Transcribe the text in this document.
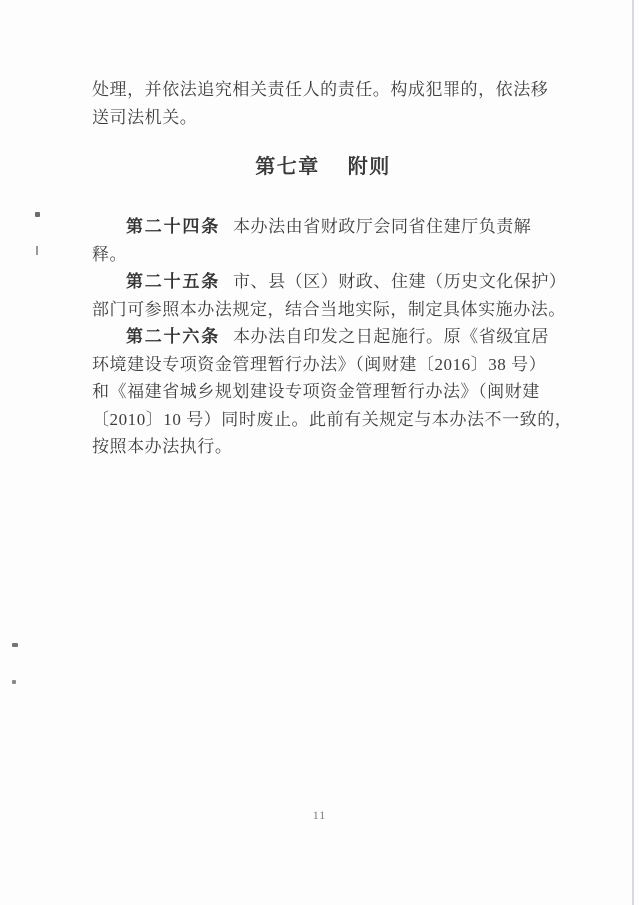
处理，并依法追究相关责任人的责任。构成犯罪的，依法移
送司法机关。

第七章 附则

第二十四条 本办法由省财政厅会同省住建厅负责解
释。

第二十五条 市、县（区）财政、住建（历史文化保护）
部门可参照本办法规定，结合当地实际，制定具体实施办法。

第二十六条 本办法自印发之日起施行。原《省级宜居
环境建设专项资金管理暂行办法》（闽财建〔2016〕38 号）
和《福建省城乡规划建设专项资金管理暂行办法》（闽财建
〔2010〕10 号）同时废止。此前有关规定与本办法不一致的，
按照本办法执行。

11
